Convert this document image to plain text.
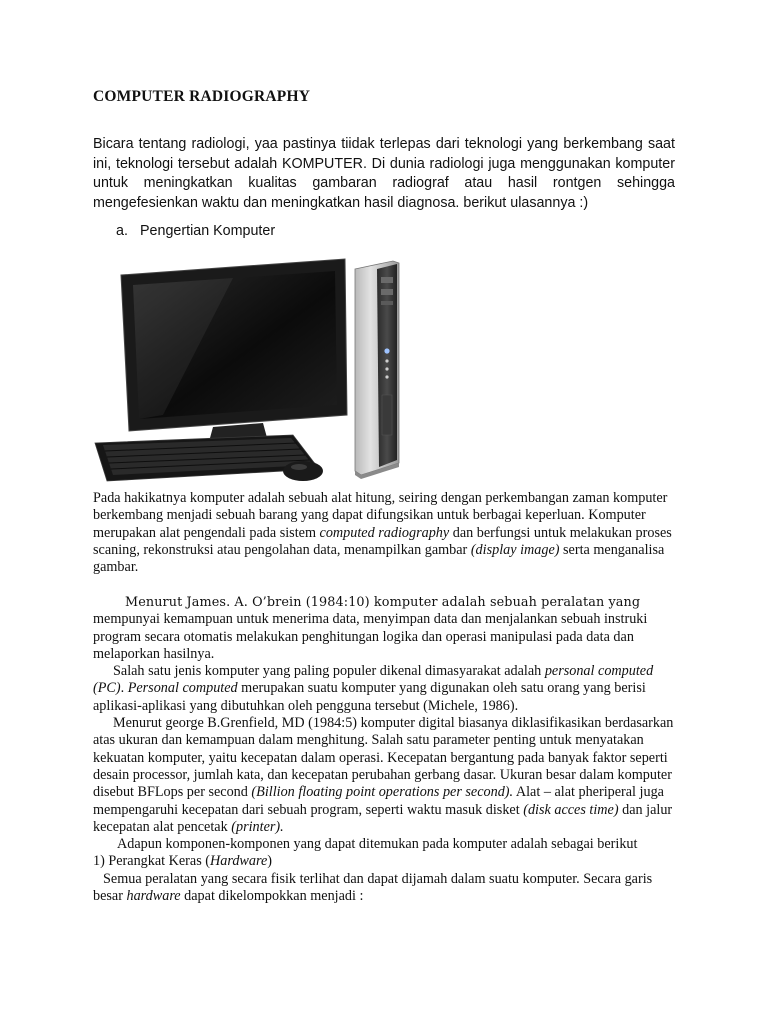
COMPUTER RADIOGRAPHY

Bicara tentang radiologi, yaa pastinya tiidak terlepas dari teknologi yang berkembang saat ini, teknologi tersebut adalah KOMPUTER. Di dunia radiologi juga menggunakan komputer untuk meningkatkan kualitas gambaran radiograf atau hasil rontgen sehingga mengefesienkan waktu dan meningkatkan hasil diagnosa. berikut ulasannya :)

a. Pengertian Komputer

Pada hakikatnya komputer adalah sebuah alat hitung, seiring dengan perkembangan zaman komputer berkembang menjadi sebuah barang yang dapat difungsikan untuk berbagai keperluan. Komputer merupakan alat pengendali pada sistem computed radiography dan berfungsi untuk melakukan proses scaning, rekonstruksi atau pengolahan data, menampilkan gambar (display image) serta menganalisa gambar.

Menurut James. A. O’brein (1984:10) komputer adalah sebuah peralatan yang mempunyai kemampuan untuk menerima data, menyimpan data dan menjalankan sebuah instruki program secara otomatis melakukan penghitungan logika dan operasi manipulasi pada data dan melaporkan hasilnya.
Salah satu jenis komputer yang paling populer dikenal dimasyarakat adalah personal computed (PC). Personal computed merupakan suatu komputer yang digunakan oleh satu orang yang berisi aplikasi-aplikasi yang dibutuhkan oleh pengguna tersebut (Michele, 1986).
Menurut george B.Grenfield, MD (1984:5) komputer digital biasanya diklasifikasikan berdasarkan atas ukuran dan kemampuan dalam menghitung. Salah satu parameter penting untuk menyatakan kekuatan komputer, yaitu kecepatan dalam operasi. Kecepatan bergantung pada banyak faktor seperti desain processor, jumlah kata, dan kecepatan perubahan gerbang dasar. Ukuran besar dalam komputer disebut BFLops per second (Billion floating point operations per second). Alat – alat pheriperal juga mempengaruhi kecepatan dari sebuah program, seperti waktu masuk disket (disk acces time) dan jalur kecepatan alat pencetak (printer).
Adapun komponen-komponen yang dapat ditemukan pada komputer adalah sebagai berikut
1) Perangkat Keras (Hardware)
Semua peralatan yang secara fisik terlihat dan dapat dijamah dalam suatu komputer. Secara garis besar hardware dapat dikelompokkan menjadi :
